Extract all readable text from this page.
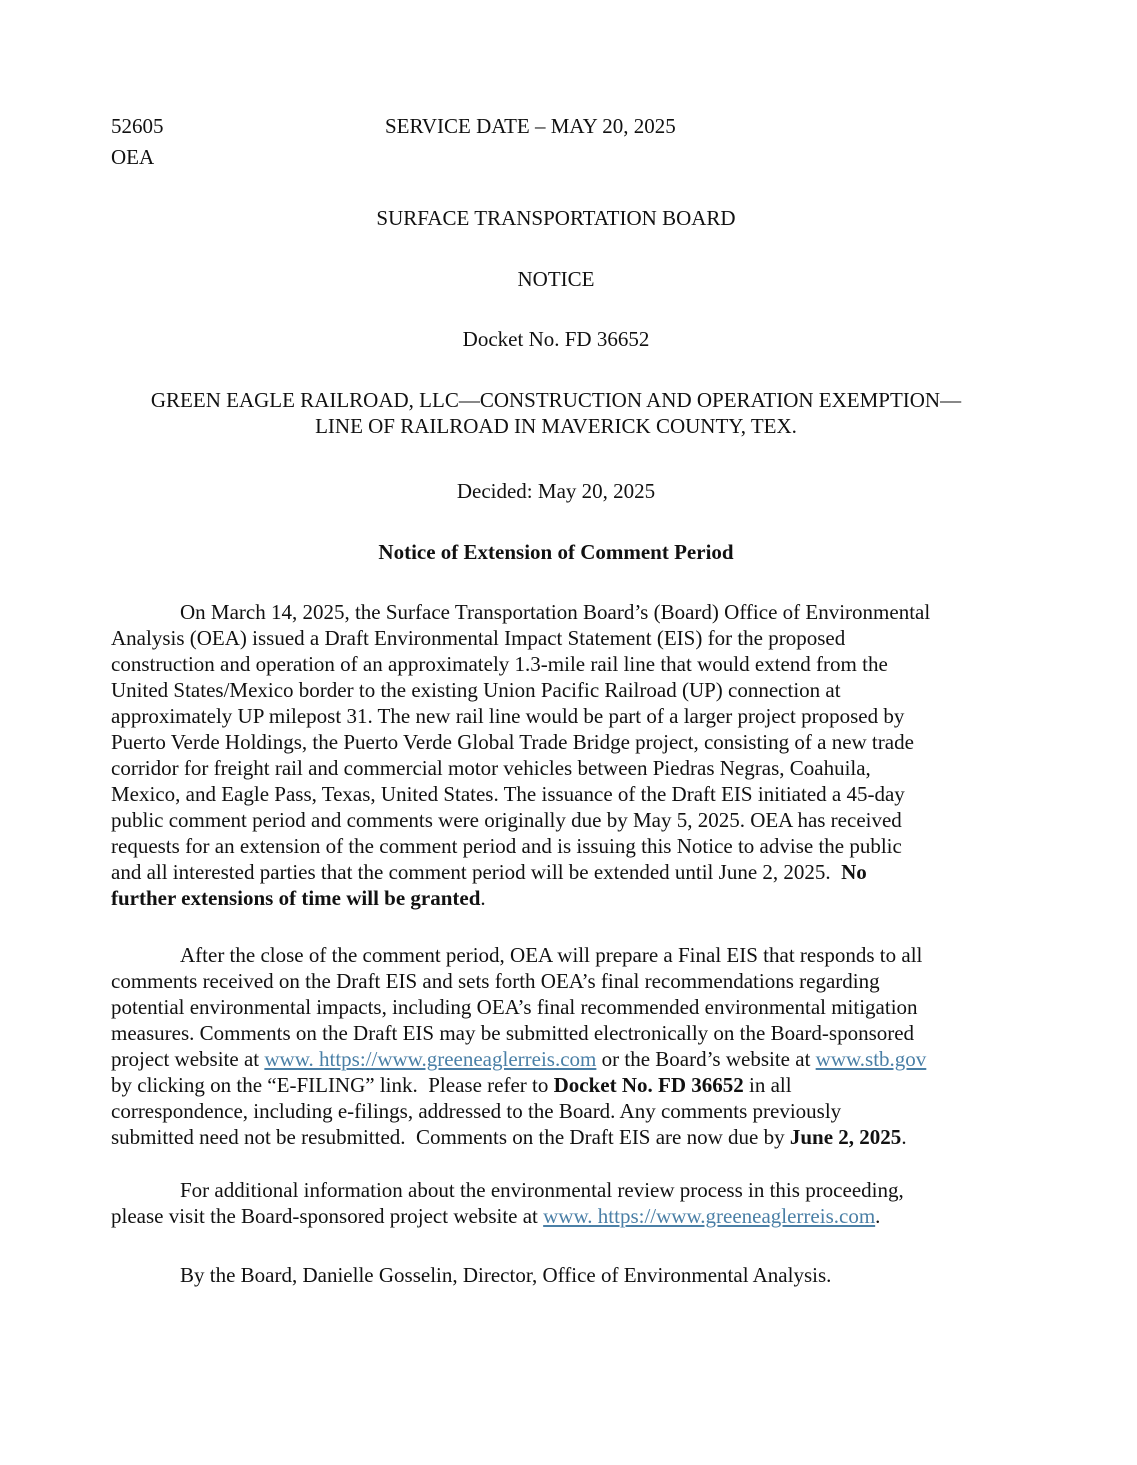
52605
OEA
SERVICE DATE – MAY 20, 2025
SURFACE TRANSPORTATION BOARD
NOTICE
Docket No. FD 36652
GREEN EAGLE RAILROAD, LLC—CONSTRUCTION AND OPERATION EXEMPTION—
LINE OF RAILROAD IN MAVERICK COUNTY, TEX.
Decided: May 20, 2025
Notice of Extension of Comment Period
On March 14, 2025, the Surface Transportation Board’s (Board) Office of Environmental
Analysis (OEA) issued a Draft Environmental Impact Statement (EIS) for the proposed
construction and operation of an approximately 1.3-mile rail line that would extend from the
United States/Mexico border to the existing Union Pacific Railroad (UP) connection at
approximately UP milepost 31. The new rail line would be part of a larger project proposed by
Puerto Verde Holdings, the Puerto Verde Global Trade Bridge project, consisting of a new trade
corridor for freight rail and commercial motor vehicles between Piedras Negras, Coahuila,
Mexico, and Eagle Pass, Texas, United States. The issuance of the Draft EIS initiated a 45-day
public comment period and comments were originally due by May 5, 2025. OEA has received
requests for an extension of the comment period and is issuing this Notice to advise the public
and all interested parties that the comment period will be extended until June 2, 2025.  No
further extensions of time will be granted.
After the close of the comment period, OEA will prepare a Final EIS that responds to all
comments received on the Draft EIS and sets forth OEA’s final recommendations regarding
potential environmental impacts, including OEA’s final recommended environmental mitigation
measures. Comments on the Draft EIS may be submitted electronically on the Board-sponsored
project website at www. https://www.greeneaglerreis.com or the Board’s website at www.stb.gov
by clicking on the “E-FILING” link.  Please refer to Docket No. FD 36652 in all
correspondence, including e-filings, addressed to the Board. Any comments previously
submitted need not be resubmitted.  Comments on the Draft EIS are now due by June 2, 2025.
For additional information about the environmental review process in this proceeding,
please visit the Board-sponsored project website at www. https://www.greeneaglerreis.com.
By the Board, Danielle Gosselin, Director, Office of Environmental Analysis.
